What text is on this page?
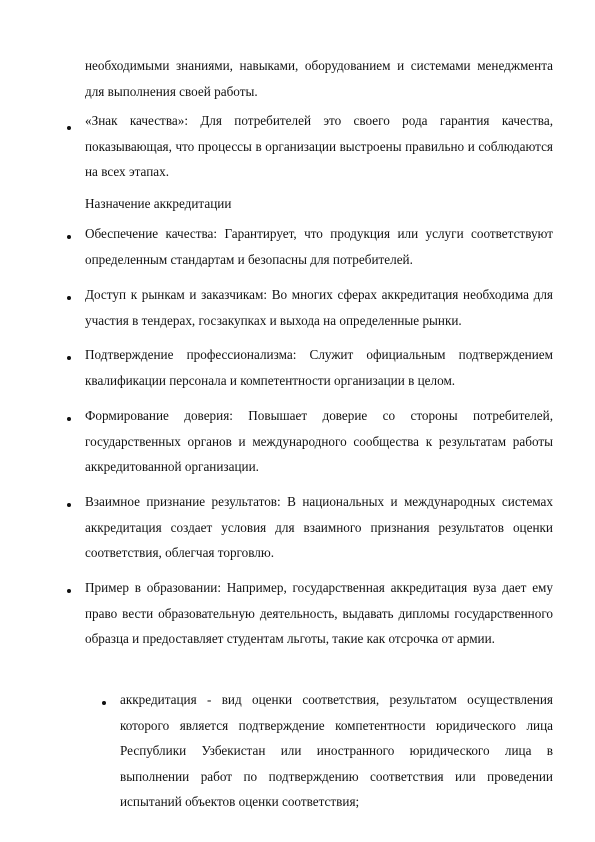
необходимыми знаниями, навыками, оборудованием и системами менеджмента для выполнения своей работы.

«Знак качества»: Для потребителей это своего рода гарантия качества, показывающая, что процессы в организации выстроены правильно и соблюдаются на всех этапах.

Назначение аккредитации

Обеспечение качества: Гарантирует, что продукция или услуги соответствуют определенным стандартам и безопасны для потребителей.

Доступ к рынкам и заказчикам: Во многих сферах аккредитация необходима для участия в тендерах, госзакупках и выхода на определенные рынки.

Подтверждение профессионализма: Служит официальным подтверждением квалификации персонала и компетентности организации в целом.

Формирование доверия: Повышает доверие со стороны потребителей, государственных органов и международного сообщества к результатам работы аккредитованной организации.

Взаимное признание результатов: В национальных и международных системах аккредитация создает условия для взаимного признания результатов оценки соответствия, облегчая торговлю.

Пример в образовании: Например, государственная аккредитация вуза дает ему право вести образовательную деятельность, выдавать дипломы государственного образца и предоставляет студентам льготы, такие как отсрочка от армии.

аккредитация - вид оценки соответствия, результатом осуществления которого является подтверждение компетентности юридического лица Республики Узбекистан или иностранного юридического лица в выполнении работ по подтверждению соответствия или проведении испытаний объектов оценки соответствия;
